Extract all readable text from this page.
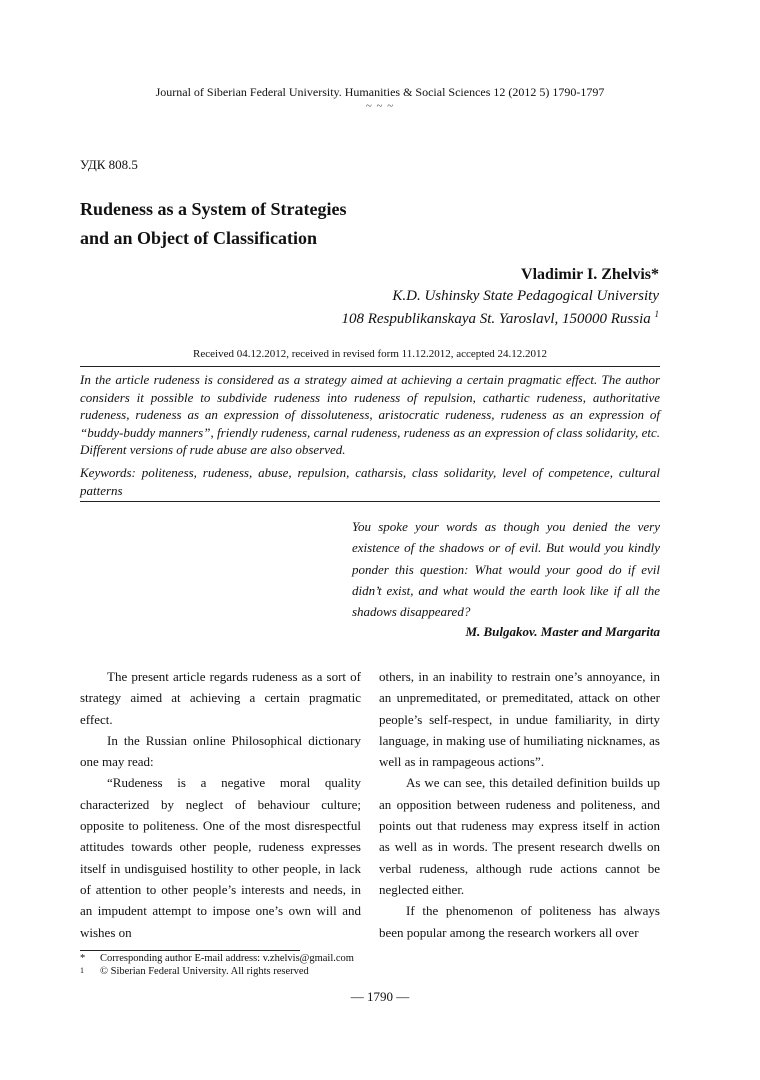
Journal of Siberian Federal University. Humanities & Social Sciences 12 (2012 5) 1790-1797
~ ~ ~
УДК 808.5
Rudeness as a System of Strategies
and an Object of Classification
Vladimir I. Zhelvis*
K.D. Ushinsky State Pedagogical University
108 Respublikanskaya St. Yaroslavl, 150000 Russia $^1$
Received 04.12.2012, received in revised form 11.12.2012, accepted 24.12.2012
In the article rudeness is considered as a strategy aimed at achieving a certain pragmatic effect. The author considers it possible to subdivide rudeness into rudeness of repulsion, cathartic rudeness, authoritative rudeness, rudeness as an expression of dissoluteness, aristocratic rudeness, rudeness as an expression of “buddy-buddy manners”, friendly rudeness, carnal rudeness, rudeness as an expression of class solidarity, etc. Different versions of rude abuse are also observed.
Keywords: politeness, rudeness, abuse, repulsion, catharsis, class solidarity, level of competence, cultural patterns
You spoke your words as though you denied the very existence of the shadows or of evil. But would you kindly ponder this question: What would your good do if evil didn’t exist, and what would the earth look like if all the shadows disappeared?
M. Bulgakov. Master and Margarita

The present article regards rudeness as a sort of strategy aimed at achieving a certain pragmatic effect.

In the Russian online Philosophical dictionary one may read:

“Rudeness is a negative moral quality characterized by neglect of behaviour culture; opposite to politeness. One of the most disrespectful attitudes towards other people, rudeness expresses itself in undisguised hostility to other people, in lack of attention to other people’s interests and needs, in an impudent attempt to impose one’s own will and wishes on

others, in an inability to restrain one’s annoyance, in an unpremeditated, or premeditated, attack on other people’s self-respect, in undue familiarity, in dirty language, in making use of humiliating nicknames, as well as in rampageous actions”.

As we can see, this detailed definition builds up an opposition between rudeness and politeness, and points out that rudeness may express itself in action as well as in words. The present research dwells on verbal rudeness, although rude actions cannot be neglected either.

If the phenomenon of politeness has always been popular among the research workers all over

* Corresponding author E-mail address: v.zhelvis@gmail.com
1 © Siberian Federal University. All rights reserved
— 1790 —
